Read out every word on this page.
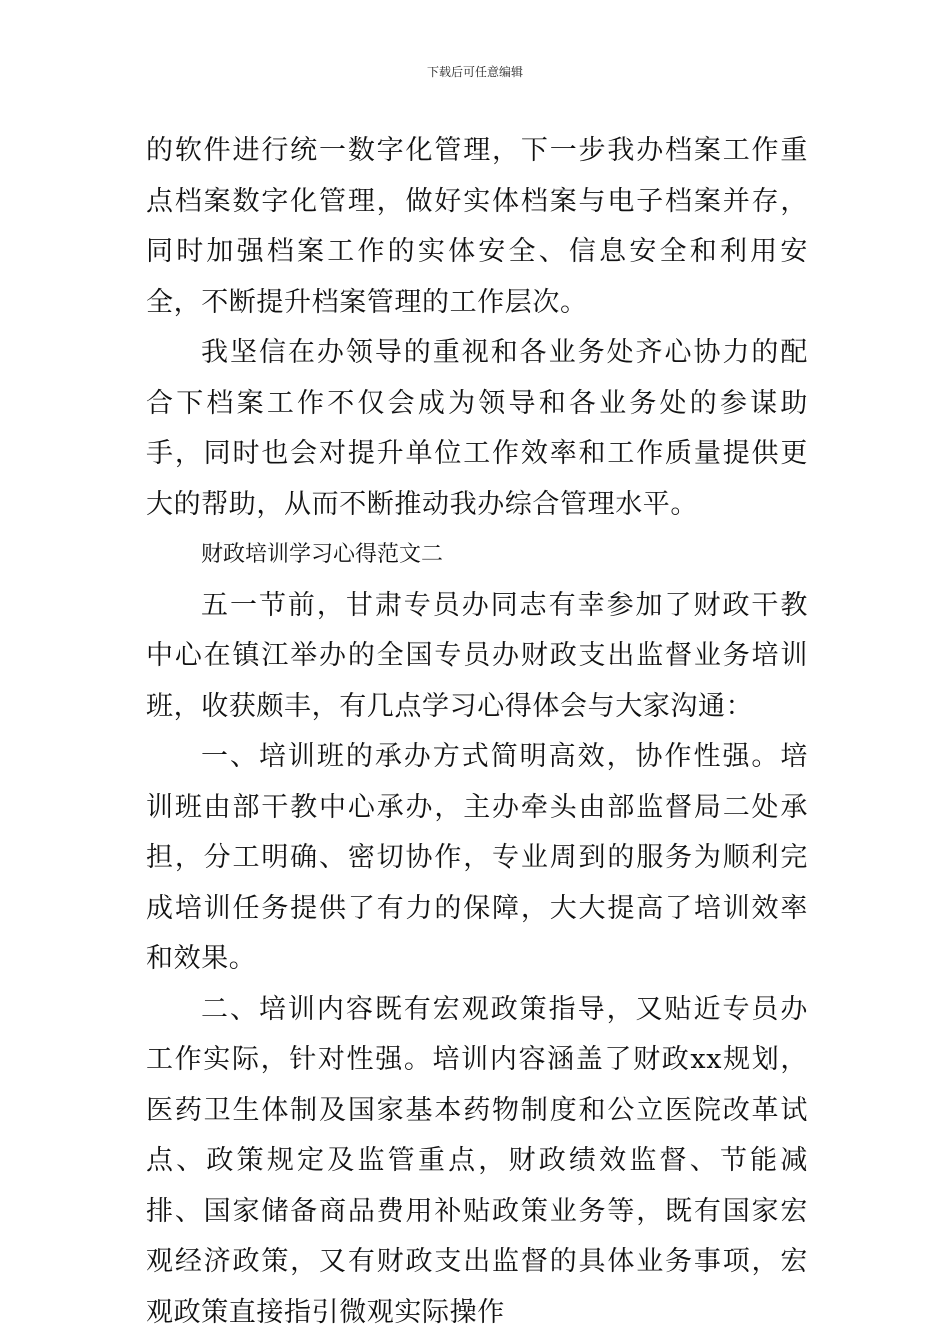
下载后可任意编辑

的软件进行统一数字化管理，下一步我办档案工作重点档案数字化管理，做好实体档案与电子档案并存，同时加强档案工作的实体安全、信息安全和利用安全，不断提升档案管理的工作层次。

我坚信在办领导的重视和各业务处齐心协力的配合下档案工作不仅会成为领导和各业务处的参谋助手，同时也会对提升单位工作效率和工作质量提供更大的帮助，从而不断推动我办综合管理水平。

财政培训学习心得范文二

五一节前，甘肃专员办同志有幸参加了财政干教中心在镇江举办的全国专员办财政支出监督业务培训班，收获颇丰，有几点学习心得体会与大家沟通：

一、培训班的承办方式简明高效，协作性强。培训班由部干教中心承办，主办牵头由部监督局二处承担，分工明确、密切协作，专业周到的服务为顺利完成培训任务提供了有力的保障，大大提高了培训效率和效果。

二、培训内容既有宏观政策指导，又贴近专员办工作实际，针对性强。培训内容涵盖了财政xx规划，医药卫生体制及国家基本药物制度和公立医院改革试点、政策规定及监管重点，财政绩效监督、节能减排、国家储备商品费用补贴政策业务等，既有国家宏观经济政策，又有财政支出监督的具体业务事项，宏观政策直接指引微观实际操作
